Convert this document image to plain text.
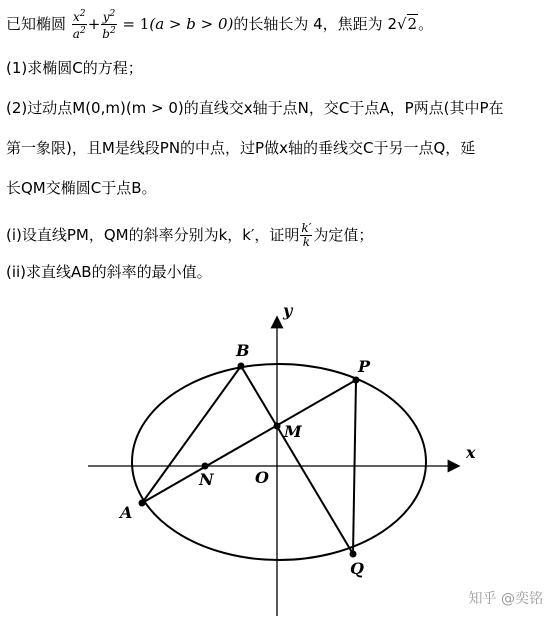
已知椭圆 $\frac{x^2}{a^2} + \frac{y^2}{b^2} = 1(a > b > 0)$的长轴长为 4，焦距为 2√2。
(1)求椭圆C的方程；
(2)过动点M(0,m)(m > 0)的直线交x轴于点N，交C于点A，P两点(其中P在
第一象限)，且M是线段PN的中点，过P做x轴的垂线交C于另一点Q，延
长QM交椭圆C于点B。
(i)设直线PM，QM的斜率分别为k，k′，证明 $\frac{k'}{k}$ 为定值；
(ii)求直线AB的斜率的最小值。
y
x
B
P
M
N	O
A
Q
知乎 @奕铭
